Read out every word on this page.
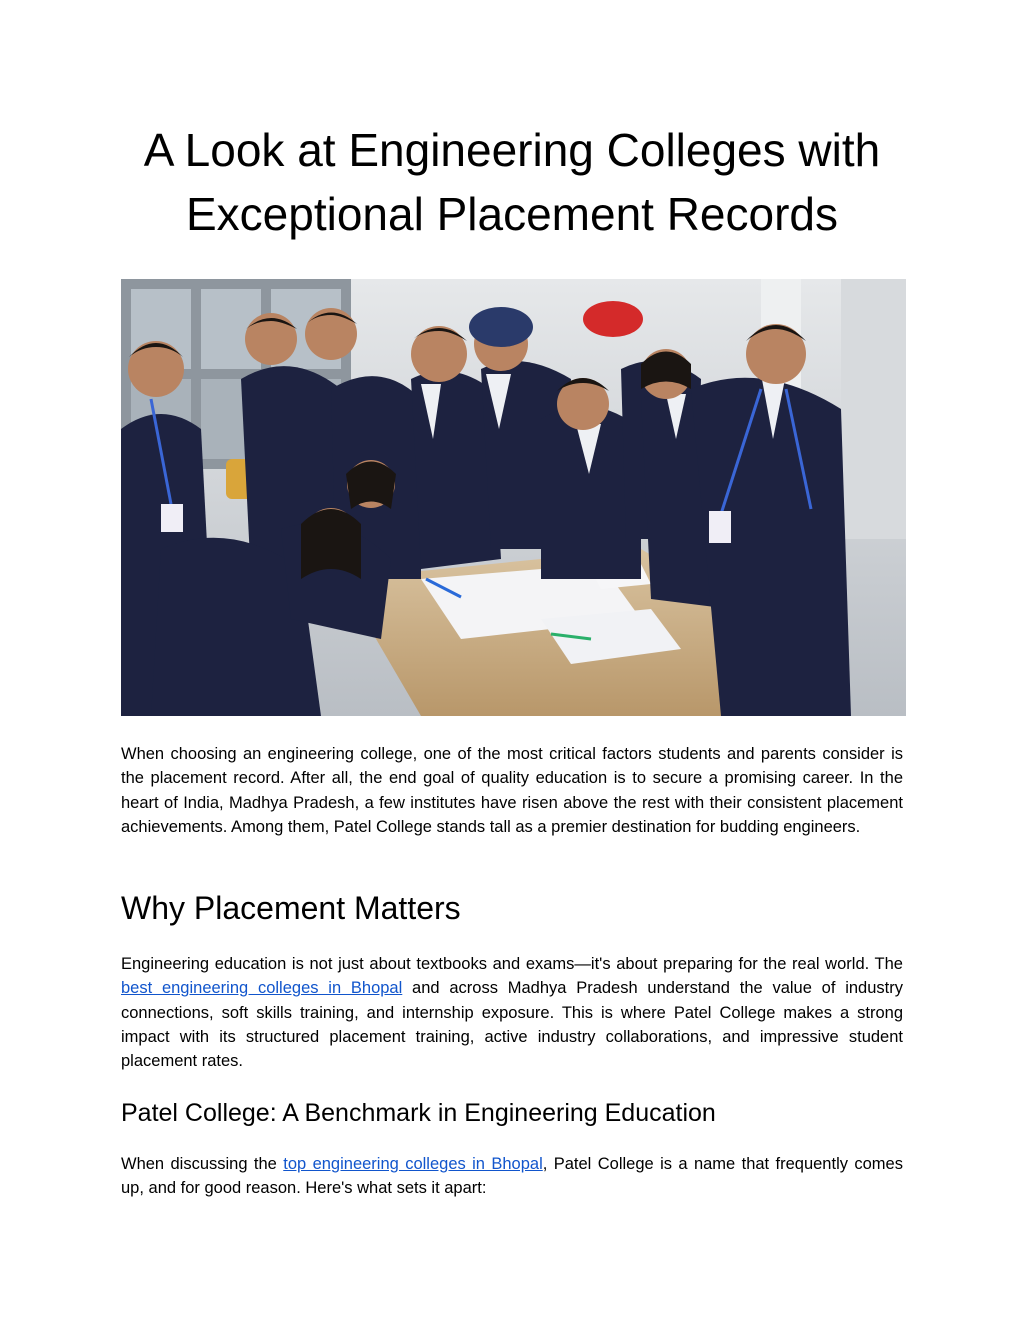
A Look at Engineering Colleges with Exceptional Placement Records

When choosing an engineering college, one of the most critical factors students and parents consider is the placement record. After all, the end goal of quality education is to secure a promising career. In the heart of India, Madhya Pradesh, a few institutes have risen above the rest with their consistent placement achievements. Among them, Patel College stands tall as a premier destination for budding engineers.

Why Placement Matters

Engineering education is not just about textbooks and exams—it's about preparing for the real world. The best engineering colleges in Bhopal and across Madhya Pradesh understand the value of industry connections, soft skills training, and internship exposure. This is where Patel College makes a strong impact with its structured placement training, active industry collaborations, and impressive student placement rates.

Patel College: A Benchmark in Engineering Education

When discussing the top engineering colleges in Bhopal, Patel College is a name that frequently comes up, and for good reason. Here's what sets it apart:
